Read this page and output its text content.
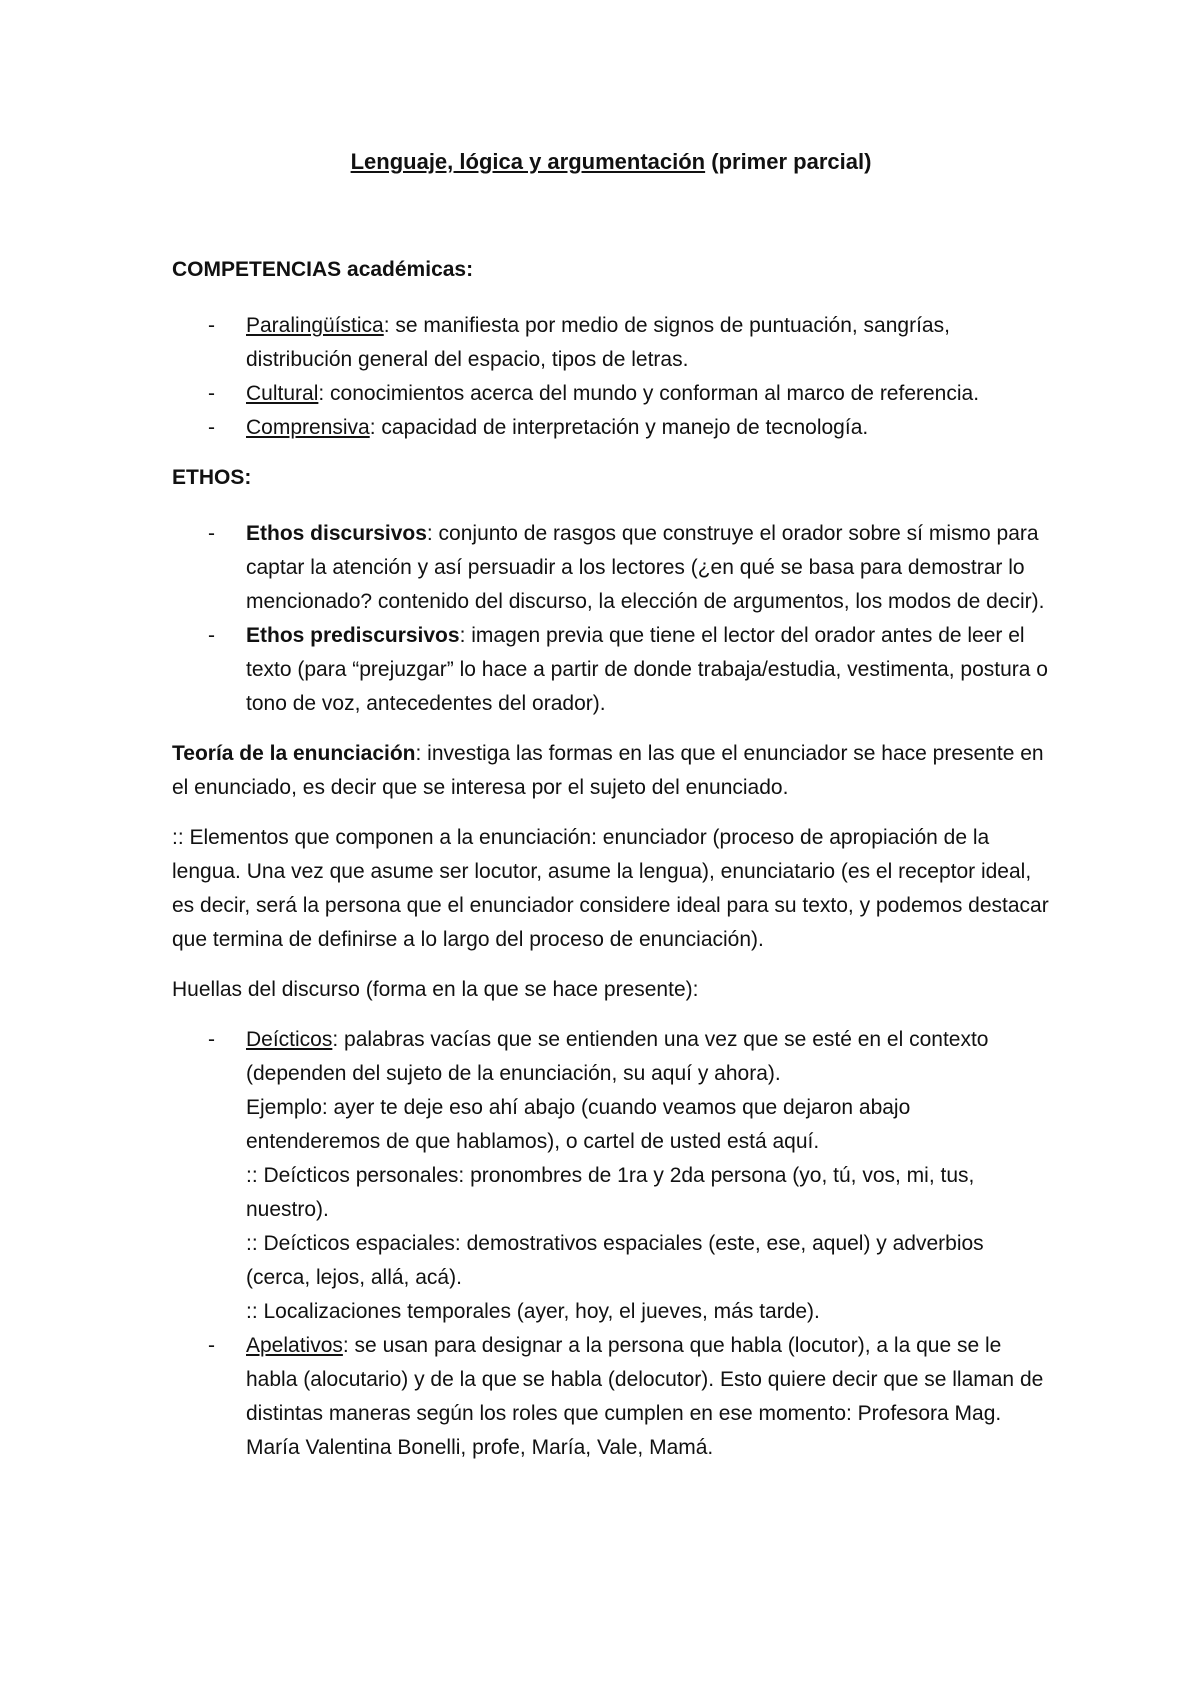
Lenguaje, lógica y argumentación (primer parcial)
COMPETENCIAS académicas:
- Paralingüística: se manifiesta por medio de signos de puntuación, sangrías, distribución general del espacio, tipos de letras.
- Cultural: conocimientos acerca del mundo y conforman al marco de referencia.
- Comprensiva: capacidad de interpretación y manejo de tecnología.
ETHOS:
- Ethos discursivos: conjunto de rasgos que construye el orador sobre sí mismo para captar la atención y así persuadir a los lectores (¿en qué se basa para demostrar lo mencionado? contenido del discurso, la elección de argumentos, los modos de decir).
- Ethos prediscursivos: imagen previa que tiene el lector del orador antes de leer el texto (para “prejuzgar” lo hace a partir de donde trabaja/estudia, vestimenta, postura o tono de voz, antecedentes del orador).

Teoría de la enunciación: investiga las formas en las que el enunciador se hace presente en el enunciado, es decir que se interesa por el sujeto del enunciado.

:: Elementos que componen a la enunciación: enunciador (proceso de apropiación de la lengua. Una vez que asume ser locutor, asume la lengua), enunciatario (es el receptor ideal, es decir, será la persona que el enunciador considere ideal para su texto, y podemos destacar que termina de definirse a lo largo del proceso de enunciación).

Huellas del discurso (forma en la que se hace presente):

- Deícticos: palabras vacías que se entienden una vez que se esté en el contexto (dependen del sujeto de la enunciación, su aquí y ahora).
Ejemplo: ayer te deje eso ahí abajo (cuando veamos que dejaron abajo entenderemos de que hablamos), o cartel de usted está aquí.
:: Deícticos personales: pronombres de 1ra y 2da persona (yo, tú, vos, mi, tus, nuestro).
:: Deícticos espaciales: demostrativos espaciales (este, ese, aquel) y adverbios (cerca, lejos, allá, acá).
:: Localizaciones temporales (ayer, hoy, el jueves, más tarde).
- Apelativos: se usan para designar a la persona que habla (locutor), a la que se le habla (alocutario) y de la que se habla (delocutor). Esto quiere decir que se llaman de distintas maneras según los roles que cumplen en ese momento: Profesora Mag. María Valentina Bonelli, profe, María, Vale, Mamá.
